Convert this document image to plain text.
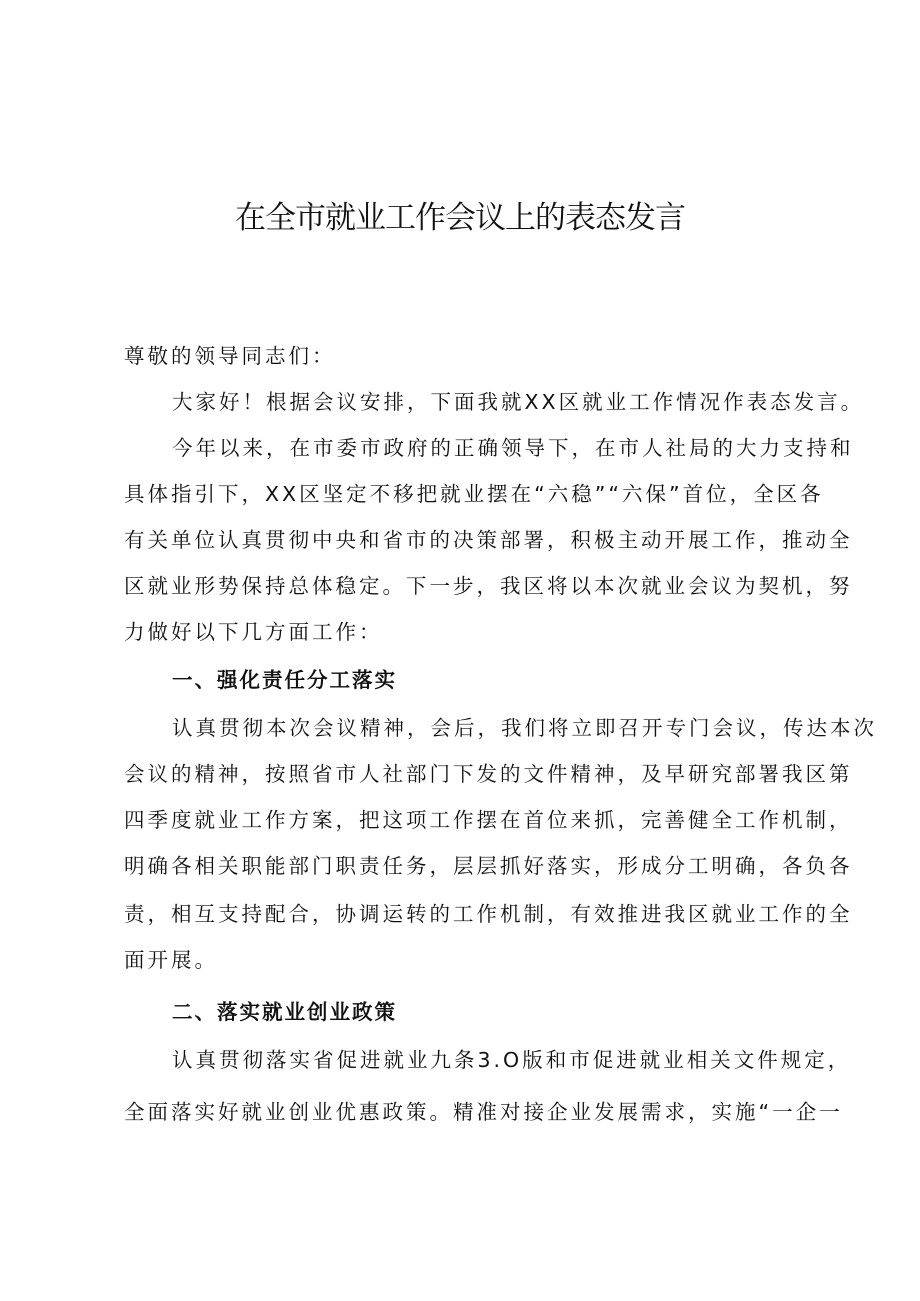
在全市就业工作会议上的表态发言
尊敬的领导同志们：
大家好！根据会议安排，下面我就XX区就业工作情况作表态发言。
今年以来，在市委市政府的正确领导下，在市人社局的大力支持和
具体指引下，XX区坚定不移把就业摆在“六稳”“六保”首位，全区各
有关单位认真贯彻中央和省市的决策部署，积极主动开展工作，推动全
区就业形势保持总体稳定。下一步，我区将以本次就业会议为契机，努
力做好以下几方面工作：
一、强化责任分工落实
认真贯彻本次会议精神，会后，我们将立即召开专门会议，传达本次
会议的精神，按照省市人社部门下发的文件精神，及早研究部署我区第
四季度就业工作方案，把这项工作摆在首位来抓，完善健全工作机制，
明确各相关职能部门职责任务，层层抓好落实，形成分工明确，各负各
责，相互支持配合，协调运转的工作机制，有效推进我区就业工作的全
面开展。
二、落实就业创业政策
认真贯彻落实省促进就业九条3.O版和市促进就业相关文件规定，
全面落实好就业创业优惠政策。精准对接企业发展需求，实施“一企一
